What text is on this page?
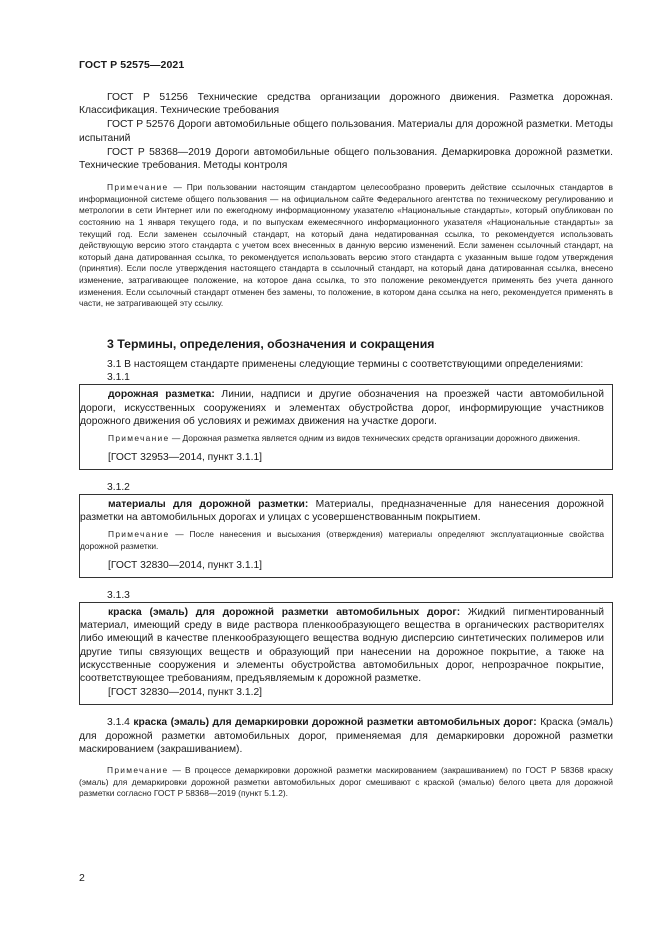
ГОСТ Р 52575—2021

ГОСТ Р 51256 Технические средства организации дорожного движения. Разметка дорожная. Классификация. Технические требования

ГОСТ Р 52576 Дороги автомобильные общего пользования. Материалы для дорожной разметки. Методы испытаний

ГОСТ Р 58368—2019 Дороги автомобильные общего пользования. Демаркировка дорожной разметки. Технические требования. Методы контроля

Примечание — При пользовании настоящим стандартом целесообразно проверить действие ссылочных стандартов в информационной системе общего пользования — на официальном сайте Федерального агентства по техническому регулированию и метрологии в сети Интернет или по ежегодному информационному указателю «Национальные стандарты», который опубликован по состоянию на 1 января текущего года, и по выпускам ежемесячного информационного указателя «Национальные стандарты» за текущий год. Если заменен ссылочный стандарт, на который дана недатированная ссылка, то рекомендуется использовать действующую версию этого стандарта с учетом всех внесенных в данную версию изменений. Если заменен ссылочный стандарт, на который дана датированная ссылка, то рекомендуется использовать версию этого стандарта с указанным выше годом утверждения (принятия). Если после утверждения настоящего стандарта в ссылочный стандарт, на который дана датированная ссылка, внесено изменение, затрагивающее положение, на которое дана ссылка, то это положение рекомендуется применять без учета данного изменения. Если ссылочный стандарт отменен без замены, то положение, в котором дана ссылка на него, рекомендуется применять в части, не затрагивающей эту ссылку.

3 Термины, определения, обозначения и сокращения

3.1 В настоящем стандарте применены следующие термины с соответствующими определениями:

3.1.1

дорожная разметка: Линии, надписи и другие обозначения на проезжей части автомобильной дороги, искусственных сооружениях и элементах обустройства дорог, информирующие участников дорожного движения об условиях и режимах движения на участке дороги.

Примечание — Дорожная разметка является одним из видов технических средств организации дорожного движения.

[ГОСТ 32953—2014, пункт 3.1.1]
3.1.2

материалы для дорожной разметки: Материалы, предназначенные для нанесения дорожной разметки на автомобильных дорогах и улицах с усовершенствованным покрытием.

Примечание — После нанесения и высыхания (отверждения) материалы определяют эксплуатационные свойства дорожной разметки.

[ГОСТ 32830—2014, пункт 3.1.1]
3.1.3

краска (эмаль) для дорожной разметки автомобильных дорог: Жидкий пигментированный материал, имеющий среду в виде раствора пленкообразующего вещества в органических растворителях либо имеющий в качестве пленкообразующего вещества водную дисперсию синтетических полимеров или другие типы связующих веществ и образующий при нанесении на дорожное покрытие, а также на искусственные сооружения и элементы обустройства автомобильных дорог, непрозрачное покрытие, соответствующее требованиям, предъявляемым к дорожной разметке.

[ГОСТ 32830—2014, пункт 3.1.2]

3.1.4 краска (эмаль) для демаркировки дорожной разметки автомобильных дорог: Краска (эмаль) для дорожной разметки автомобильных дорог, применяемая для демаркировки дорожной разметки маскированием (закрашиванием).

Примечание — В процессе демаркировки дорожной разметки маскированием (закрашиванием) по ГОСТ Р 58368 краску (эмаль) для демаркировки дорожной разметки автомобильных дорог смешивают с краской (эмалью) белого цвета для дорожной разметки согласно ГОСТ Р 58368—2019 (пункт 5.1.2).

2
